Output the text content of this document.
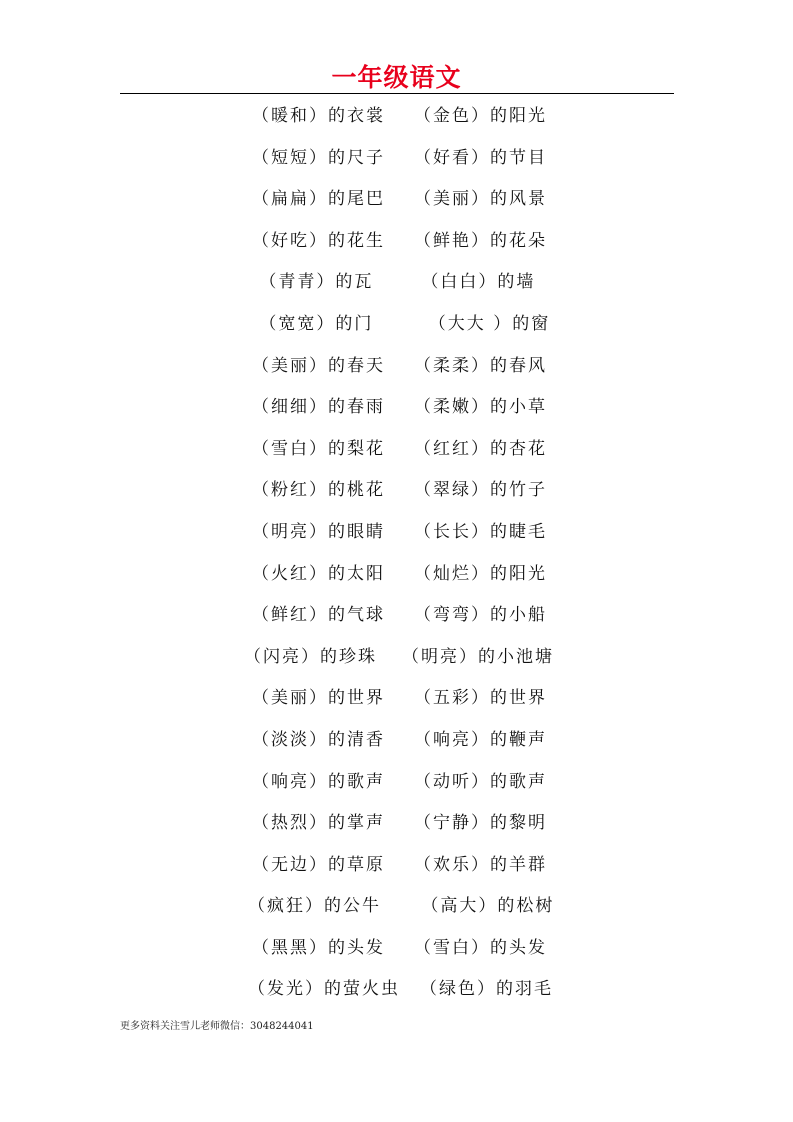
一年级语文
（暖和）的衣裳 （金色）的阳光
（短短）的尺子 （好看）的节目
（扁扁）的尾巴 （美丽）的风景
（好吃）的花生 （鲜艳）的花朵
（青青）的瓦 （白白）的墙
（宽宽）的门 （大大 ）的窗
（美丽）的春天 （柔柔）的春风
（细细）的春雨 （柔嫩）的小草
（雪白）的梨花 （红红）的杏花
（粉红）的桃花 （翠绿）的竹子
（明亮）的眼睛 （长长）的睫毛
（火红）的太阳 （灿烂）的阳光
（鲜红）的气球 （弯弯）的小船
（闪亮）的珍珠 （明亮）的小池塘
（美丽）的世界 （五彩）的世界
（淡淡）的清香 （响亮）的鞭声
（响亮）的歌声 （动听）的歌声
（热烈）的掌声 （宁静）的黎明
（无边）的草原 （欢乐）的羊群
（疯狂）的公牛 （高大）的松树
（黑黑）的头发 （雪白）的头发
（发光）的萤火虫 （绿色）的羽毛
更多资料关注雪儿老师微信：3048244041
